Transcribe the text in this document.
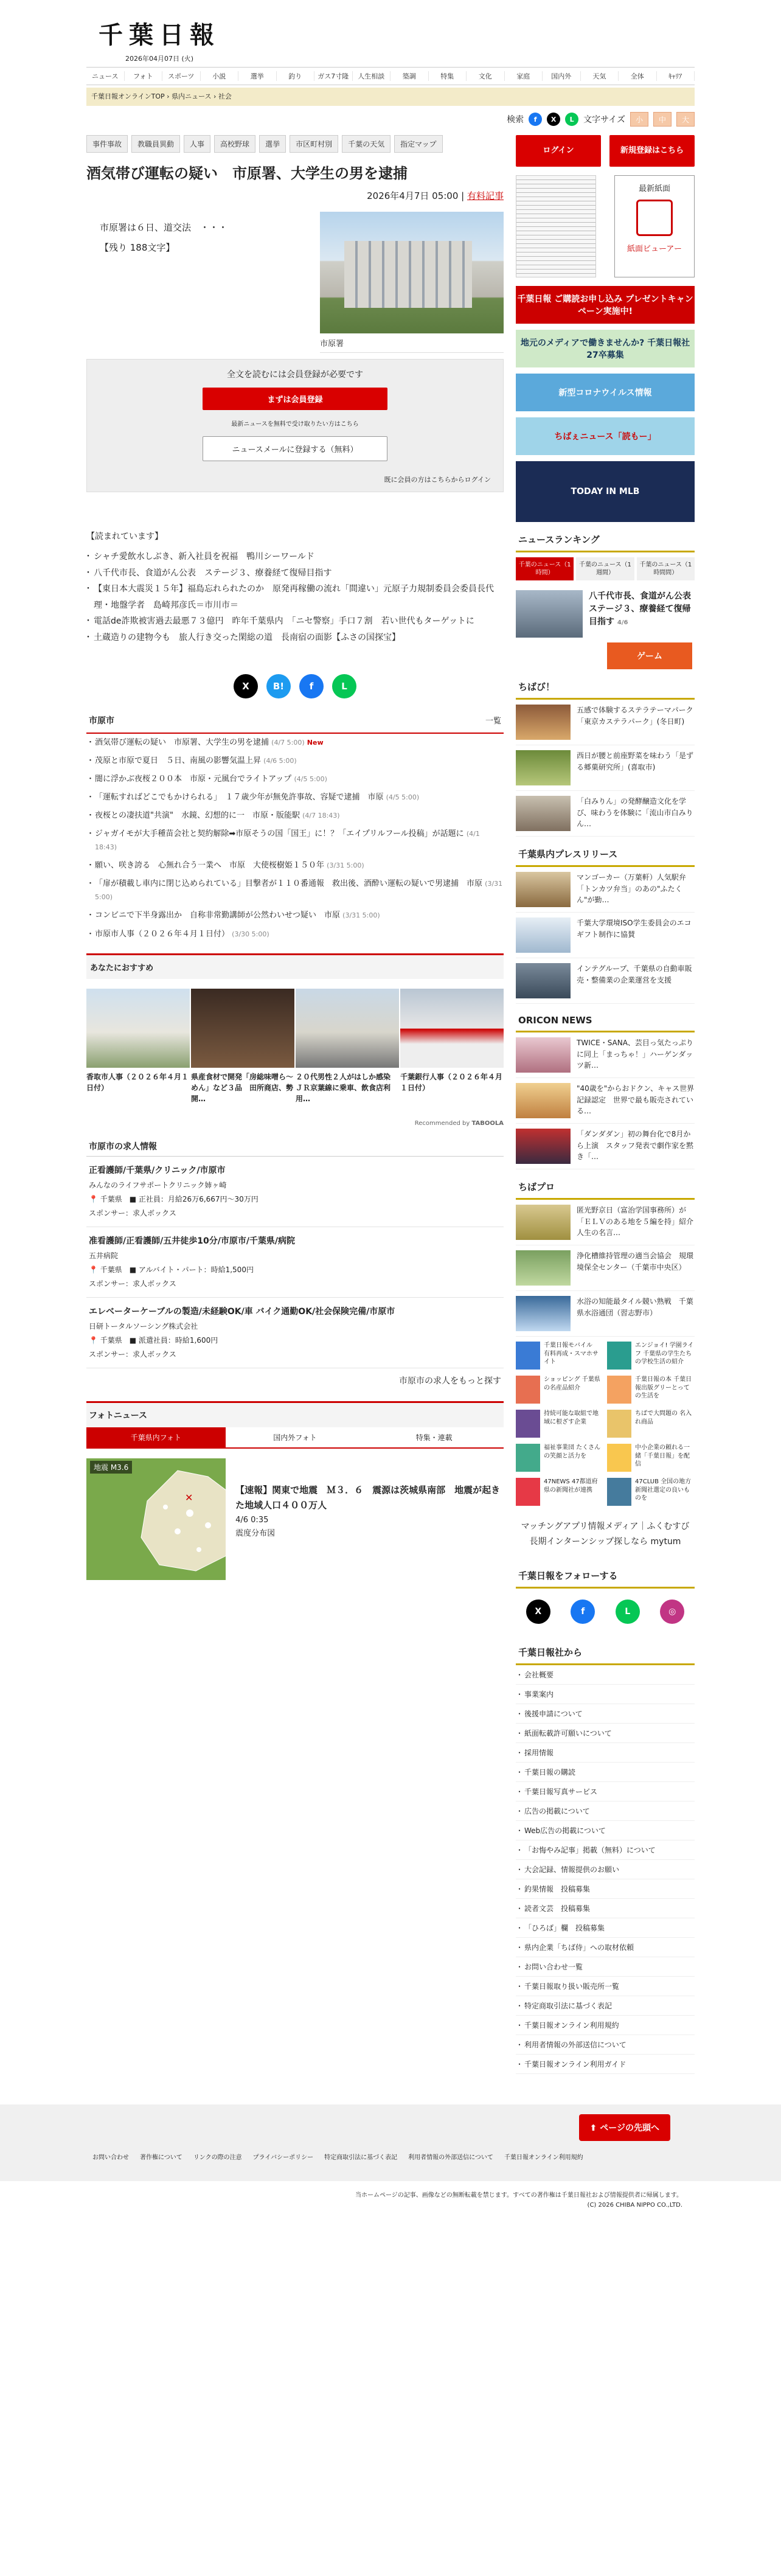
千葉日報
2026年04月07日 (火)
ニュース	フォト	スポーツ	小説	選挙	釣り	ガス7寸隆	人生相談	築調	特集	文化	家庭	国内外	天気	全体	ｷｬﾘｱ
千葉日報オンラインTOP › 県内ニュース › 社会
検索	f	X	L	文字サイズ	小	中	大
事件事故	教職員異動	人事	高校野球	選挙	市区町村別	千葉の天気	指定マップ
酒気帯び運転の疑い　市原署、大学生の男を逮捕
2026年4月7日 05:00 | 有料記事
市原署は６日、道交法　・・・
【残り 188文字】
市原署
全文を読むには会員登録が必要です
まずは会員登録
最新ニュースを無料で受け取りたい方はこちら
ニュースメールに登録する（無料）
既に会員の方はこちらからログイン
【読まれています】
・ シャチ愛飲水しぶき、新入社員を祝福　鴨川シーワールド
・ 八千代市長、食道がん公表　ステージ３、療養経て復帰目指す
・ 【東日本大震災１５年】福島忘れられたのか　原発再稼働の流れ「間違い」元原子力規制委員会委員長代理・地盤学者　島崎邦彦氏＝市川市＝
・ 電話de詐欺被害過去最悪７３億円　昨年千葉県内　「ニセ警察」手口７割　若い世代もターゲットに
・ 土蔵造りの建物今も　旅人行き交った閑総の道　長南宿の面影【ふさの国探宝】
X	B!	f	L
市原市	一覧
・ 酒気帯び運転の疑い　市原署、大学生の男を逮捕 (4/7 5:00) New
・ 茂原と市原で夏日　５日、南風の影響気温上昇 (4/6 5:00)
・ 闇に浮かぶ夜桜２００本　市原・元風台でライトアップ (4/5 5:00)
・ 「運転すればどこでもかけられる」　１７歳少年が無免許事故、容疑で逮捕　市原 (4/5 5:00)
・ 夜桜との凄扶道"共演"　水鏡、幻想的に一　市原・版能駅 (4/7 18:43)
・ ジャガイモが大手種苗会社と契約解除➡市原そうの国「国王」に！？「エイプリルフール投稿」が話題に (4/1 18:43)
・ 願い、咲き誇る　心無れ合う一業へ　市原　大使桜樹姫１５０年 (3/31 5:00)
・ 「扉が積載し車内に閉じ込められている」目撃者が１１０番通報　救出後、酒酔い運転の疑いで男逮捕　市原 (3/31 5:00)
・ コンビニで下半身露出か　自称非常勤講師が公然わいせつ疑い　市原 (3/31 5:00)
・ 市原市人事（２０２６年４月１日付） (3/30 5:00)
あなたにおすすめ
香取市人事（２０２６年４月１日付）
県産食材で開発「房総味噌ら～めん」など３品　田所商店、勢開…
２０代男性２人がはしか感染　ＪＲ京葉線に乗車、飲食店利用…
千葉銀行人事（２０２６年４月１日付）
Recommended by TABOOLA
市原市の求人情報
正看護師/千葉県/クリニック/市原市
みんなのライフサポートクリニック姉ヶ崎
📍 千葉県　■ 正社員：月給26万6,667円〜30万円
スポンサー：求人ボックス
准看護師/正看護師/五井徒歩10分/市原市/千葉県/病院
五井病院
📍 千葉県　■ アルバイト・パート：時給1,500円
スポンサー：求人ボックス
エレベーターケーブルの製造/未経験OK/車 バイク通勤OK/社会保険完備/市原市
日研トータルソーシング株式会社
📍 千葉県　■ 派遣社員：時給1,600円
スポンサー：求人ボックス
市原市の求人をもっと探す
フォトニュース
千葉県内フォト	国内外フォト	特集・連載
地震 M3.6
✕
【速報】関東で地震　Ｍ３．６　震源は茨城県南部　地震が起きた地域人口４００万人
4/6 0:35
震度分布図
ログイン	新規登録はこちら
最新紙面
紙面ビューアー
千葉日報 ご購読お申し込み プレゼントキャンペーン実施中!
地元のメディアで働きませんか? 千葉日報社 27卒募集
新型コロナウイルス情報
ちばぇニュース「読もー」
TODAY IN MLB
ニュースランキング
千葉のニュース（1時間）
千葉のニュース（1週間）
千葉のニュース（1時間間）
八千代市長、食道がん公表　ステージ３、療養経て復帰目指す 4/6
ゲーム
ちばび！
五感で体験するステラテーマパーク「東京カステラパーク」(冬日町)
西日が腰と前座野菜を味わう「是ずる郷菓研究所」(喜取市)
「白みりん」の発酵醸造文化を学び、味わうを体験に「流山市白みりん…
千葉県内プレスリリース
マンゴーカー（万葉軒）人気駅弁「トンカツ弁当」のあの"ふたくん"が勤…
千葉大学環境ISO学生委員会のエコギフト制作に協賛
インテグループ、千葉県の自動車販売・整備業の企業運営を支援
ORICON NEWS
TWICE・SANA、芸目っ気たっぷりに同上「まっちゃ！」ハーゲンダッツ新…
"40歳を"からおドクン、キャス世界記録認定　世界で最も販売されている…
「ダンダダン」初の舞台化で8月から上演　スタッフ発表で劇作家を黙き「…
ちばプロ
匿光野京日（富治学国事務所）が「ＥＬＶのある地を５編を持」紹介　人生の名言…
浄化槽維持管理の適当会協会　規環境保全センター（千葉市中央区）
水浴の知能最タイル競い熟戦　千葉県水浴通団（習志野市）
千葉日報モバイル　有料再成・スマホサイト
エンジョイ! 学園ライフ 千葉県の学生たちの学校生活の紹介
ショッピング 千葉県の名産品紹介
千葉日報の本 千葉日報出版グリーとっての生活を
持続可能な取組で地域に根ざす企業
ちばで大問題の 名入れ商品
福祉事業団 たくさんの笑顔と活力を
中小企業の頼れる一緒「千葉日報」を配信
47NEWS 47都道府県の新聞社が連携
47CLUB 全国の地方新聞社選定の良いものを
マッチングアプリ情報メディア｜ふくむすび
長期インターンシップ探しなら mytum
千葉日報をフォローする
X	f	L	◎
千葉日報社から
・ 会社概要
・ 事業案内
・ 後援申請について
・ 紙面転載許可願いについて
・ 採用情報
・ 千葉日報の購読
・ 千葉日報写真サービス
・ 広告の掲載について
・ Web広告の掲載について
・ 「お悔やみ記事」掲載（無料）について
・ 大会記録、情報提供のお願い
・ 釣果情報　投稿募集
・ 読者文芸　投稿募集
・ 「ひろば」欄　投稿募集
・ 県内企業「ちば侍」への取材依頼
・ お問い合わせ一覧
・ 千葉日報取り扱い販売所一覧
・ 特定商取引法に基づく表記
・ 千葉日報オンライン利用規約
・ 利用者情報の外部送信について
・ 千葉日報オンライン利用ガイド
⬆ ページの先頭へ
お問い合わせ 著作権について リンクの際の注意 プライバシーポリシー 特定商取引法に基づく表記 利用者情報の外部送信について 千葉日報オンライン利用規約
当ホームページの記事、画像などの無断転載を禁じます。すべての著作権は千葉日報社および情報提供者に帰属します。
(C) 2026 CHIBA NIPPO CO.,LTD.
